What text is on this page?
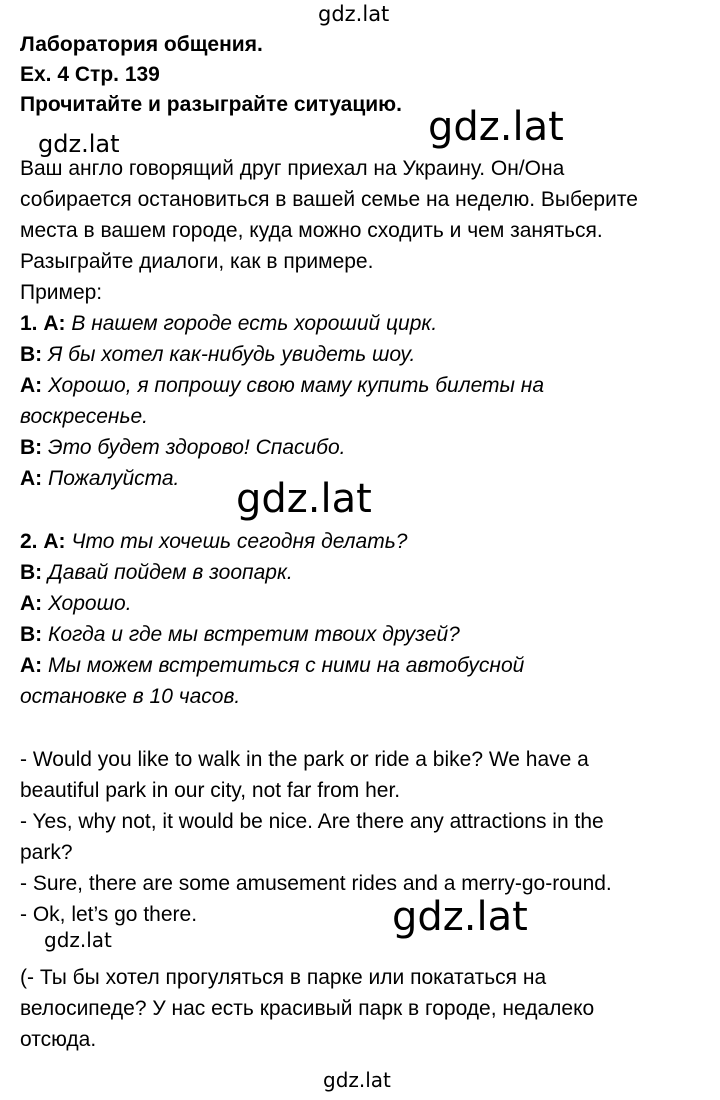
gdz.lat
gdz.lat	gdz.lat
gdz.lat
gdz.lat
gdz.lat
gdz.lat
Лаборатория общения.
Ex. 4 Стр. 139
Прочитайте и разыграйте ситуацию.
Ваш англо говорящий друг приехал на Украину. Он/Она
собирается остановиться в вашей семье на неделю. Выберите
места в вашем городе, куда можно сходить и чем заняться.
Разыграйте диалоги, как в примере.
Пример:
1. А: В нашем городе есть хороший цирк.
В: Я бы хотел как-нибудь увидеть шоу.
А: Хорошо, я попрошу свою маму купить билеты на
воскресенье.
В: Это будет здорово! Спасибо.
А: Пожалуйста.
2. А: Что ты хочешь сегодня делать?
В: Давай пойдем в зоопарк.
А: Хорошо.
В: Когда и где мы встретим твоих друзей?
А: Мы можем встретиться с ними на автобусной
остановке в 10 часов.
- Would you like to walk in the park or ride a bike? We have a
beautiful park in our city, not far from her.
- Yes, why not, it would be nice. Are there any attractions in the
park?
- Sure, there are some amusement rides and a merry-go-round.
- Ok, let’s go there.
(- Ты бы хотел прогуляться в парке или покататься на
велосипеде? У нас есть красивый парк в городе, недалеко
отсюда.
